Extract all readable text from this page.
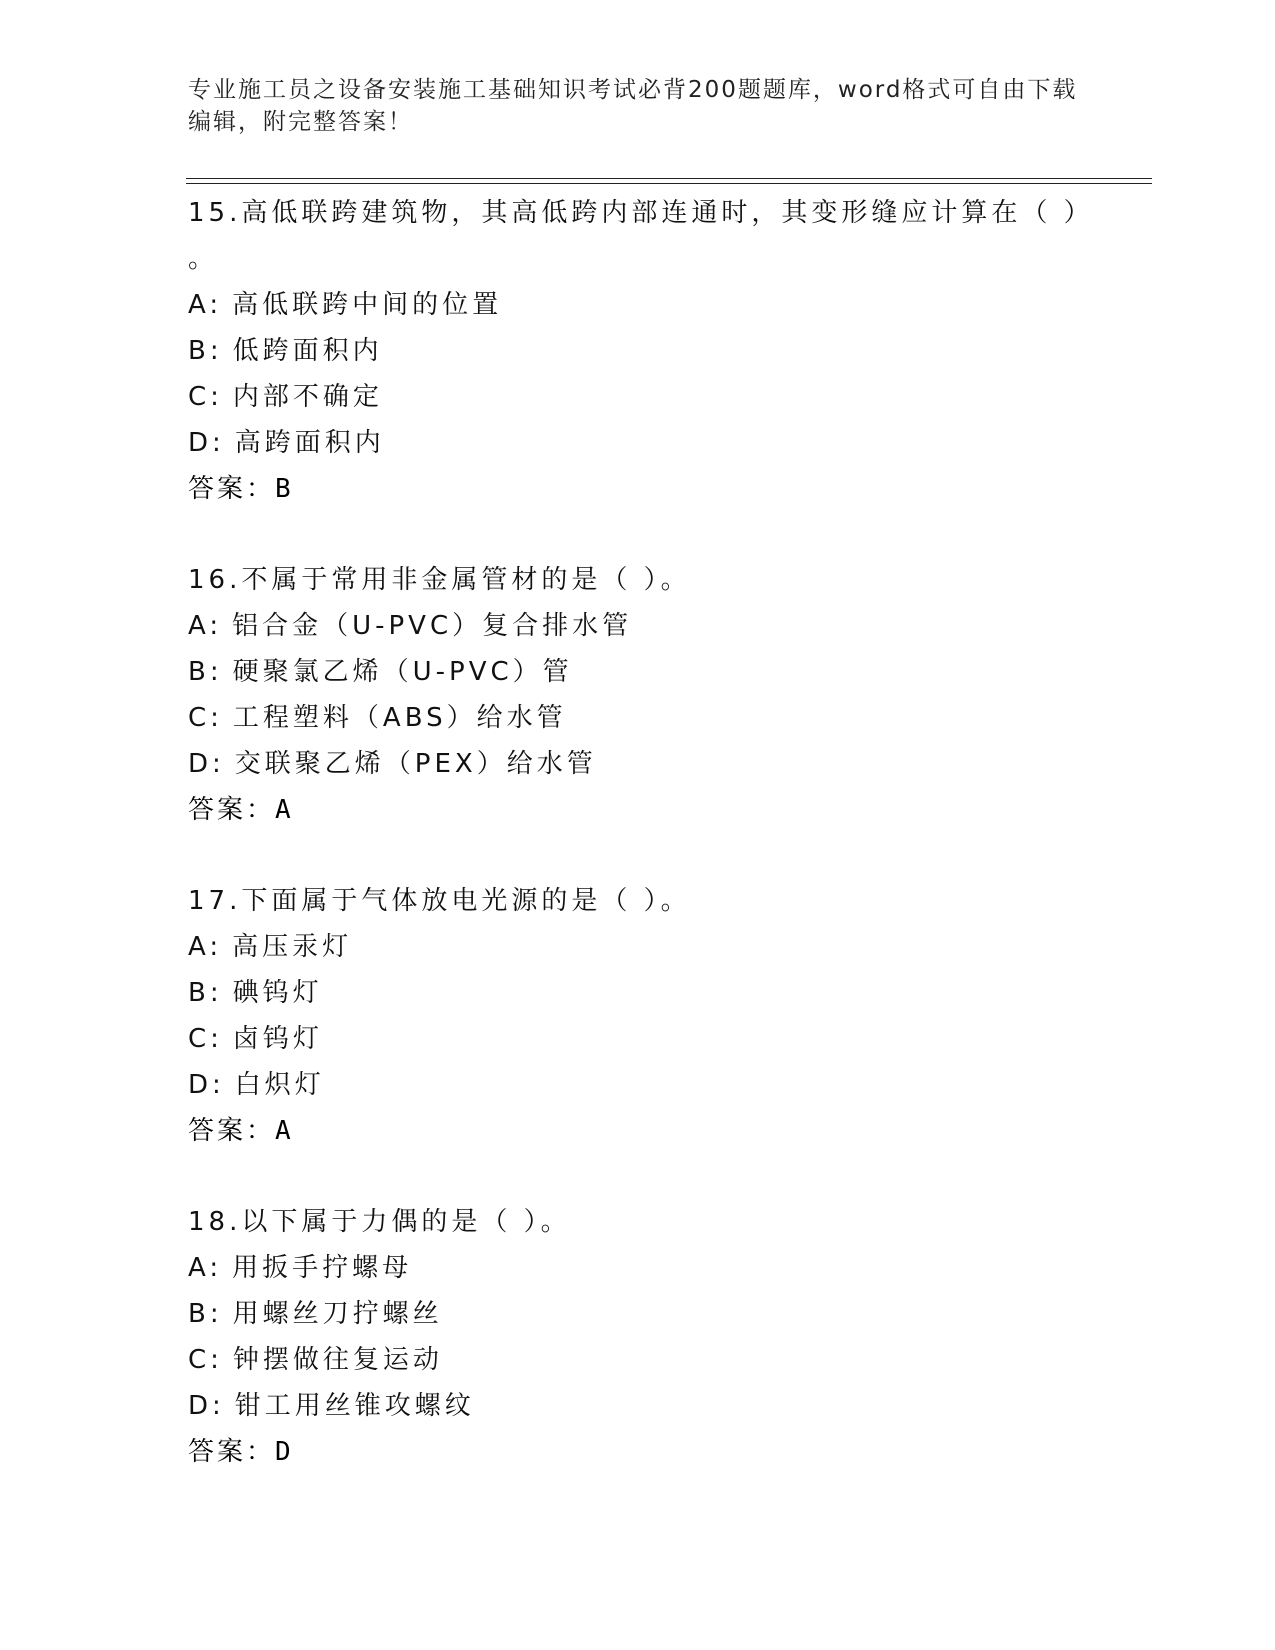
专业施工员之设备安装施工基础知识考试必背200题题库，word格式可自由下载
编辑，附完整答案！
15.高低联跨建筑物，其高低跨内部连通时，其变形缝应计算在（ ）
。
A: 高低联跨中间的位置
B: 低跨面积内
C: 内部不确定
D: 高跨面积内
答案：B
16.不属于常用非金属管材的是（ ）。
A: 铝合金（U-PVC）复合排水管
B: 硬聚氯乙烯（U-PVC）管
C: 工程塑料（ABS）给水管
D: 交联聚乙烯（PEX）给水管
答案：A
17.下面属于气体放电光源的是（ ）。
A: 高压汞灯
B: 碘钨灯
C: 卤钨灯
D: 白炽灯
答案：A
18.以下属于力偶的是（ ）。
A: 用扳手拧螺母
B: 用螺丝刀拧螺丝
C: 钟摆做往复运动
D: 钳工用丝锥攻螺纹
答案：D
